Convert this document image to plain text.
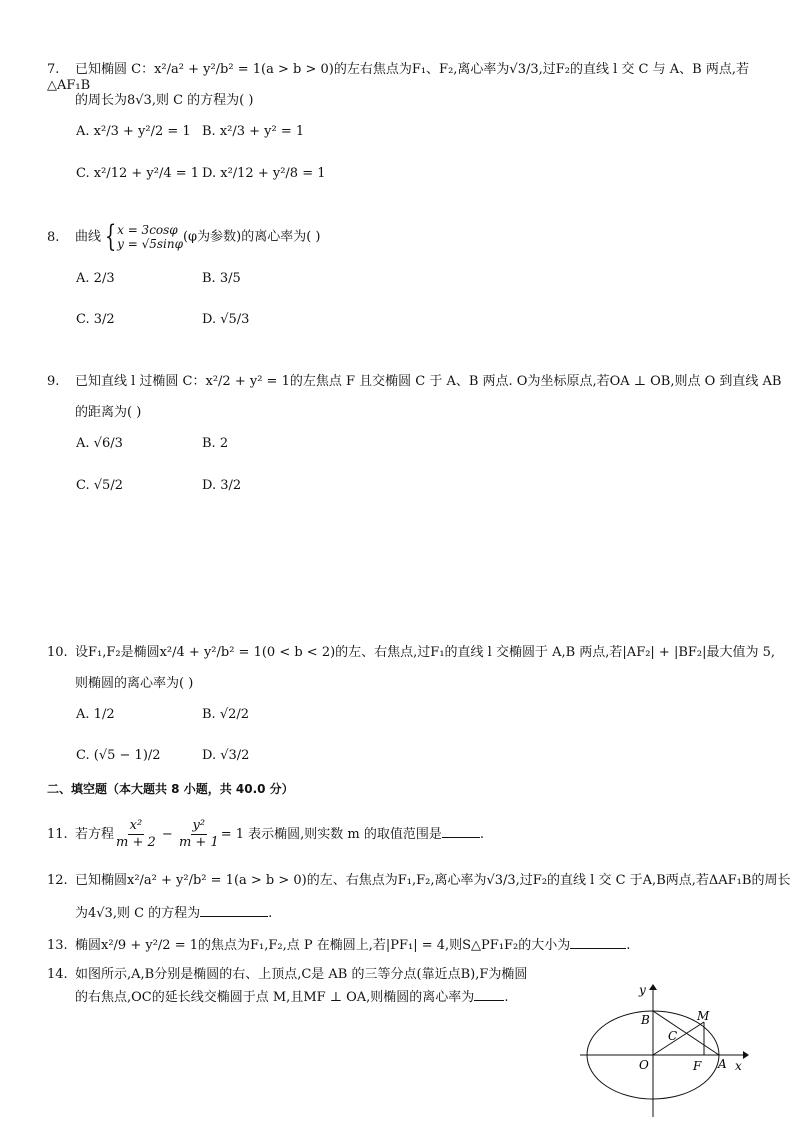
7. 已知椭圆 C：x²/a² + y²/b² = 1(a > b > 0)的左右焦点为F₁、F₂,离心率为√3/3,过F₂的直线 l 交 C 与 A、B 两点,若 △AF₁B
的周长为8√3,则 C 的方程为( )
A. x²/3 + y²/2 = 1 B. x²/3 + y² = 1
C. x²/12 + y²/4 = 1 D. x²/12 + y²/8 = 1
8. 曲线 { x = 3cosφ
y = √5sinφ (φ为参数)的离心率为( )
A. 2/3	B. 3/5
C. 3/2	D. √5/3
9. 已知直线 l 过椭圆 C：x²/2 + y² = 1的左焦点 F 且交椭圆 C 于 A、B 两点. O为坐标原点,若OA ⊥ OB,则点 O 到直线 AB
的距离为( )
A. √6/3	B. 2
C. √5/2	D. 3/2
10. 设F₁,F₂是椭圆x²/4 + y²/b² = 1(0 < b < 2)的左、右焦点,过F₁的直线 l 交椭圆于 A,B 两点,若|AF₂| + |BF₂|最大值为 5,
则椭圆的离心率为( )
A. 1/2	B. √2/2
C. (√5 − 1)/2	D. √3/2
二、填空题（本大题共 8 小题，共 40.0 分）
11. 若方程 $\frac{\text{x²}}{m + 2} - \frac{\text{y²}}{m + 1} = 1$ 表示椭圆,则实数 m 的取值范围是	.
12. 已知椭圆x²/a² + y²/b² = 1(a > b > 0)的左、右焦点为F₁,F₂,离心率为√3/3,过F₂的直线 l 交 C 于A,B两点,若ΔAF₁B的周长
为4√3,则 C 的方程为	.
13. 椭圆x²/9 + y²/2 = 1的焦点为F₁,F₂,点 P 在椭圆上,若|PF₁| = 4,则S△PF₁F₂的大小为	.
14. 如图所示,A,B分别是椭圆的右、上顶点,C是 AB 的三等分点(靠近点B),F为椭圆
的右焦点,OC的延长线交椭圆于点 M,且MF ⊥ OA,则椭圆的离心率为 .	y
x
B	M
C
O	F A
